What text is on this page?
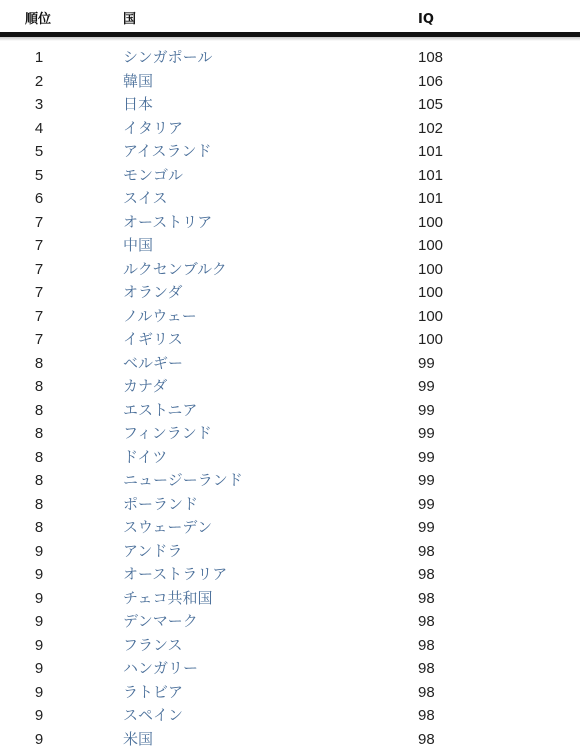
順位	国	IQ
1	シンガポール	108
2	韓国	106
3	日本	105
4	イタリア	102
5	アイスランド	101
5	モンゴル	101
6	スイス	101
7	オーストリア	100
7	中国	100
7	ルクセンブルク	100
7	オランダ	100
7	ノルウェー	100
7	イギリス	100
8	ベルギー	99
8	カナダ	99
8	エストニア	99
8	フィンランド	99
8	ドイツ	99
8	ニュージーランド	99
8	ポーランド	99
8	スウェーデン	99
9	アンドラ	98
9	オーストラリア	98
9	チェコ共和国	98
9	デンマーク	98
9	フランス	98
9	ハンガリー	98
9	ラトビア	98
9	スペイン	98
9	米国	98
